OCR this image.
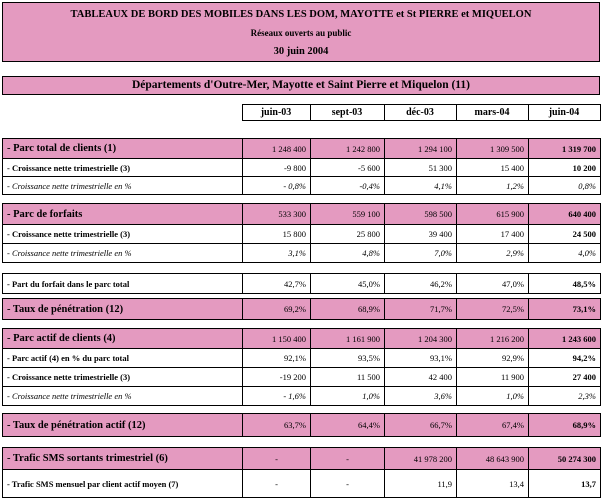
TABLEAUX DE BORD DES MOBILES DANS LES DOM, MAYOTTE et St PIERRE et MIQUELON
Réseaux ouverts au public
30 juin 2004
Départements d'Outre-Mer, Mayotte et Saint Pierre et Miquelon (11)
	juin-03	sept-03	déc-03	mars-04	juin-04
- Parc total de clients (1)	1 248 400	1 242 800	1 294 100	1 309 500	1 319 700
- Croissance nette trimestrielle (3)	-9 800	-5 600	51 300	15 400	10 200
- Croissance nette trimestrielle en %	- 0,8%	-0,4%	4,1%	1,2%	0,8%
- Parc de forfaits	533 300	559 100	598 500	615 900	640 400
- Croissance nette trimestrielle (3)	15 800	25 800	39 400	17 400	24 500
- Croissance nette trimestrielle en %	3,1%	4,8%	7,0%	2,9%	4,0%
- Part du forfait dans le parc total	42,7%	45,0%	46,2%	47,0%	48,5%
- Taux de pénétration (12)	69,2%	68,9%	71,7%	72,5%	73,1%
- Parc actif de clients (4)	1 150 400	1 161 900	1 204 300	1 216 200	1 243 600
- Parc actif (4) en % du parc total	92,1%	93,5%	93,1%	92,9%	94,2%
- Croissance nette trimestrielle (3)	-19 200	11 500	42 400	11 900	27 400
- Croissance nette trimestrielle en %	- 1,6%	1,0%	3,6%	1,0%	2,3%
- Taux de pénétration actif (12)	63,7%	64,4%	66,7%	67,4%	68,9%
- Trafic SMS sortants trimestriel (6)	-	-	41 978 200	48 643 900	50 274 300
- Trafic SMS mensuel par client actif moyen (7)	-	-	11,9	13,4	13,7
